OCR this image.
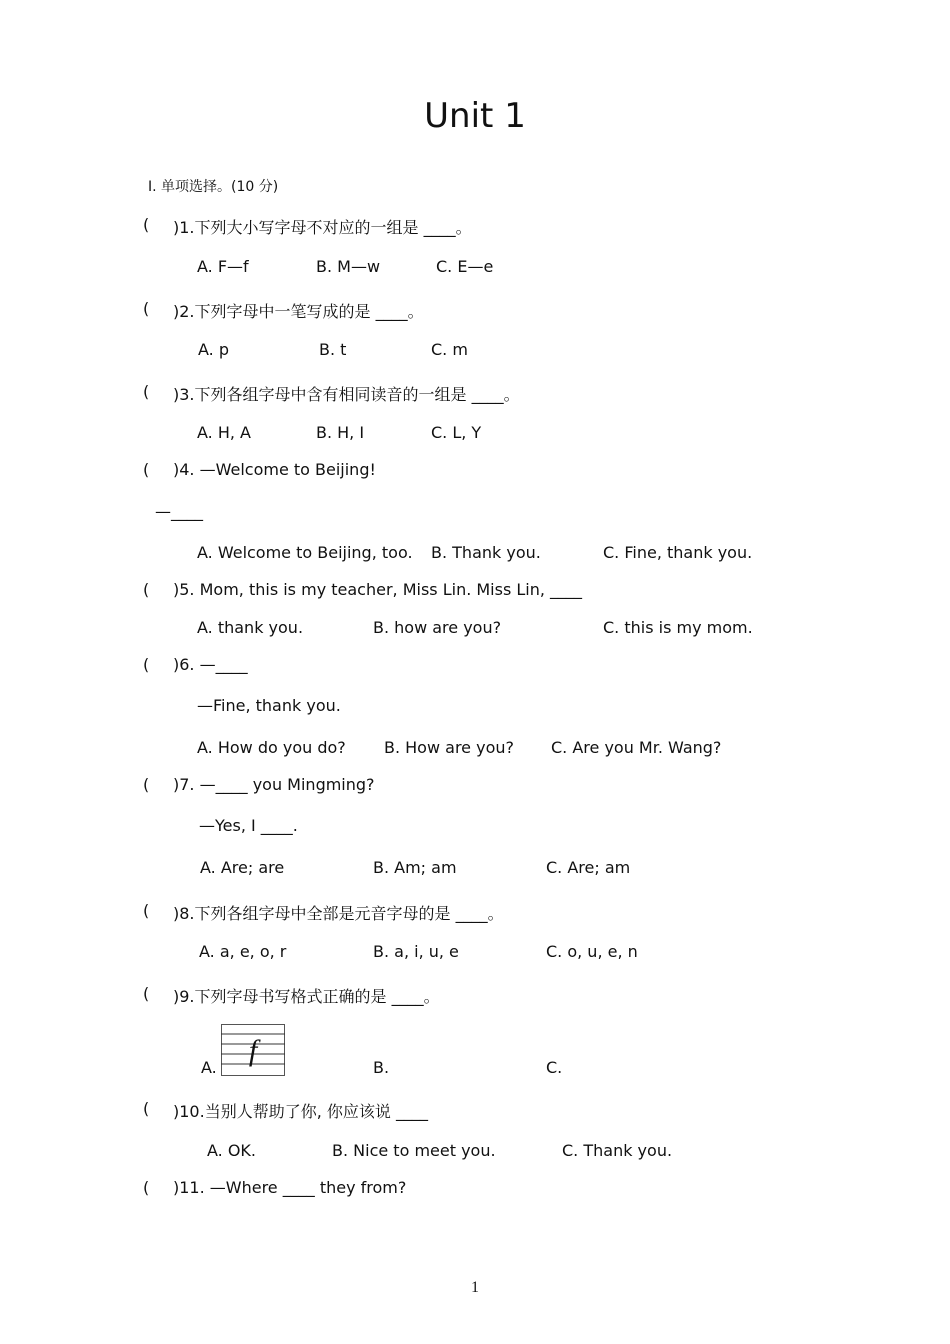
Unit 1
Ⅰ. 单项选择。(10 分)
( )1.下列大小写字母不对应的一组是 ____。
A. F—f	B. M—w	C. E—e
( )2.下列字母中一笔写成的是 ____。
A. p	B. t	C. m
( )3.下列各组字母中含有相同读音的一组是 ____。
A. H, A	B. H, I	C. L, Y
( )4. —Welcome to Beijing!
—____
A. Welcome to Beijing, too. B. Thank you.	C. Fine, thank you.
( )5. Mom, this is my teacher, Miss Lin. Miss Lin, ____
A. thank you.	B. how are you?	C. this is my mom.
( )6. —____
—Fine, thank you.
A. How do you do? B. How are you? C. Are you Mr. Wang?
( )7. —____ you Mingming?
—Yes, I ____.
A. Are; are	B. Am; am	C. Are; am
( )8.下列各组字母中全部是元音字母的是 ____。
A. a, e, o, r	B. a, i, u, e	C. o, u, e, n
( )9.下列字母书写格式正确的是 ____。
A.
f
B.	C.
( )10.当别人帮助了你, 你应该说 ____
A. OK.	B. Nice to meet you.	C. Thank you.
( )11. —Where ____ they from?
1
